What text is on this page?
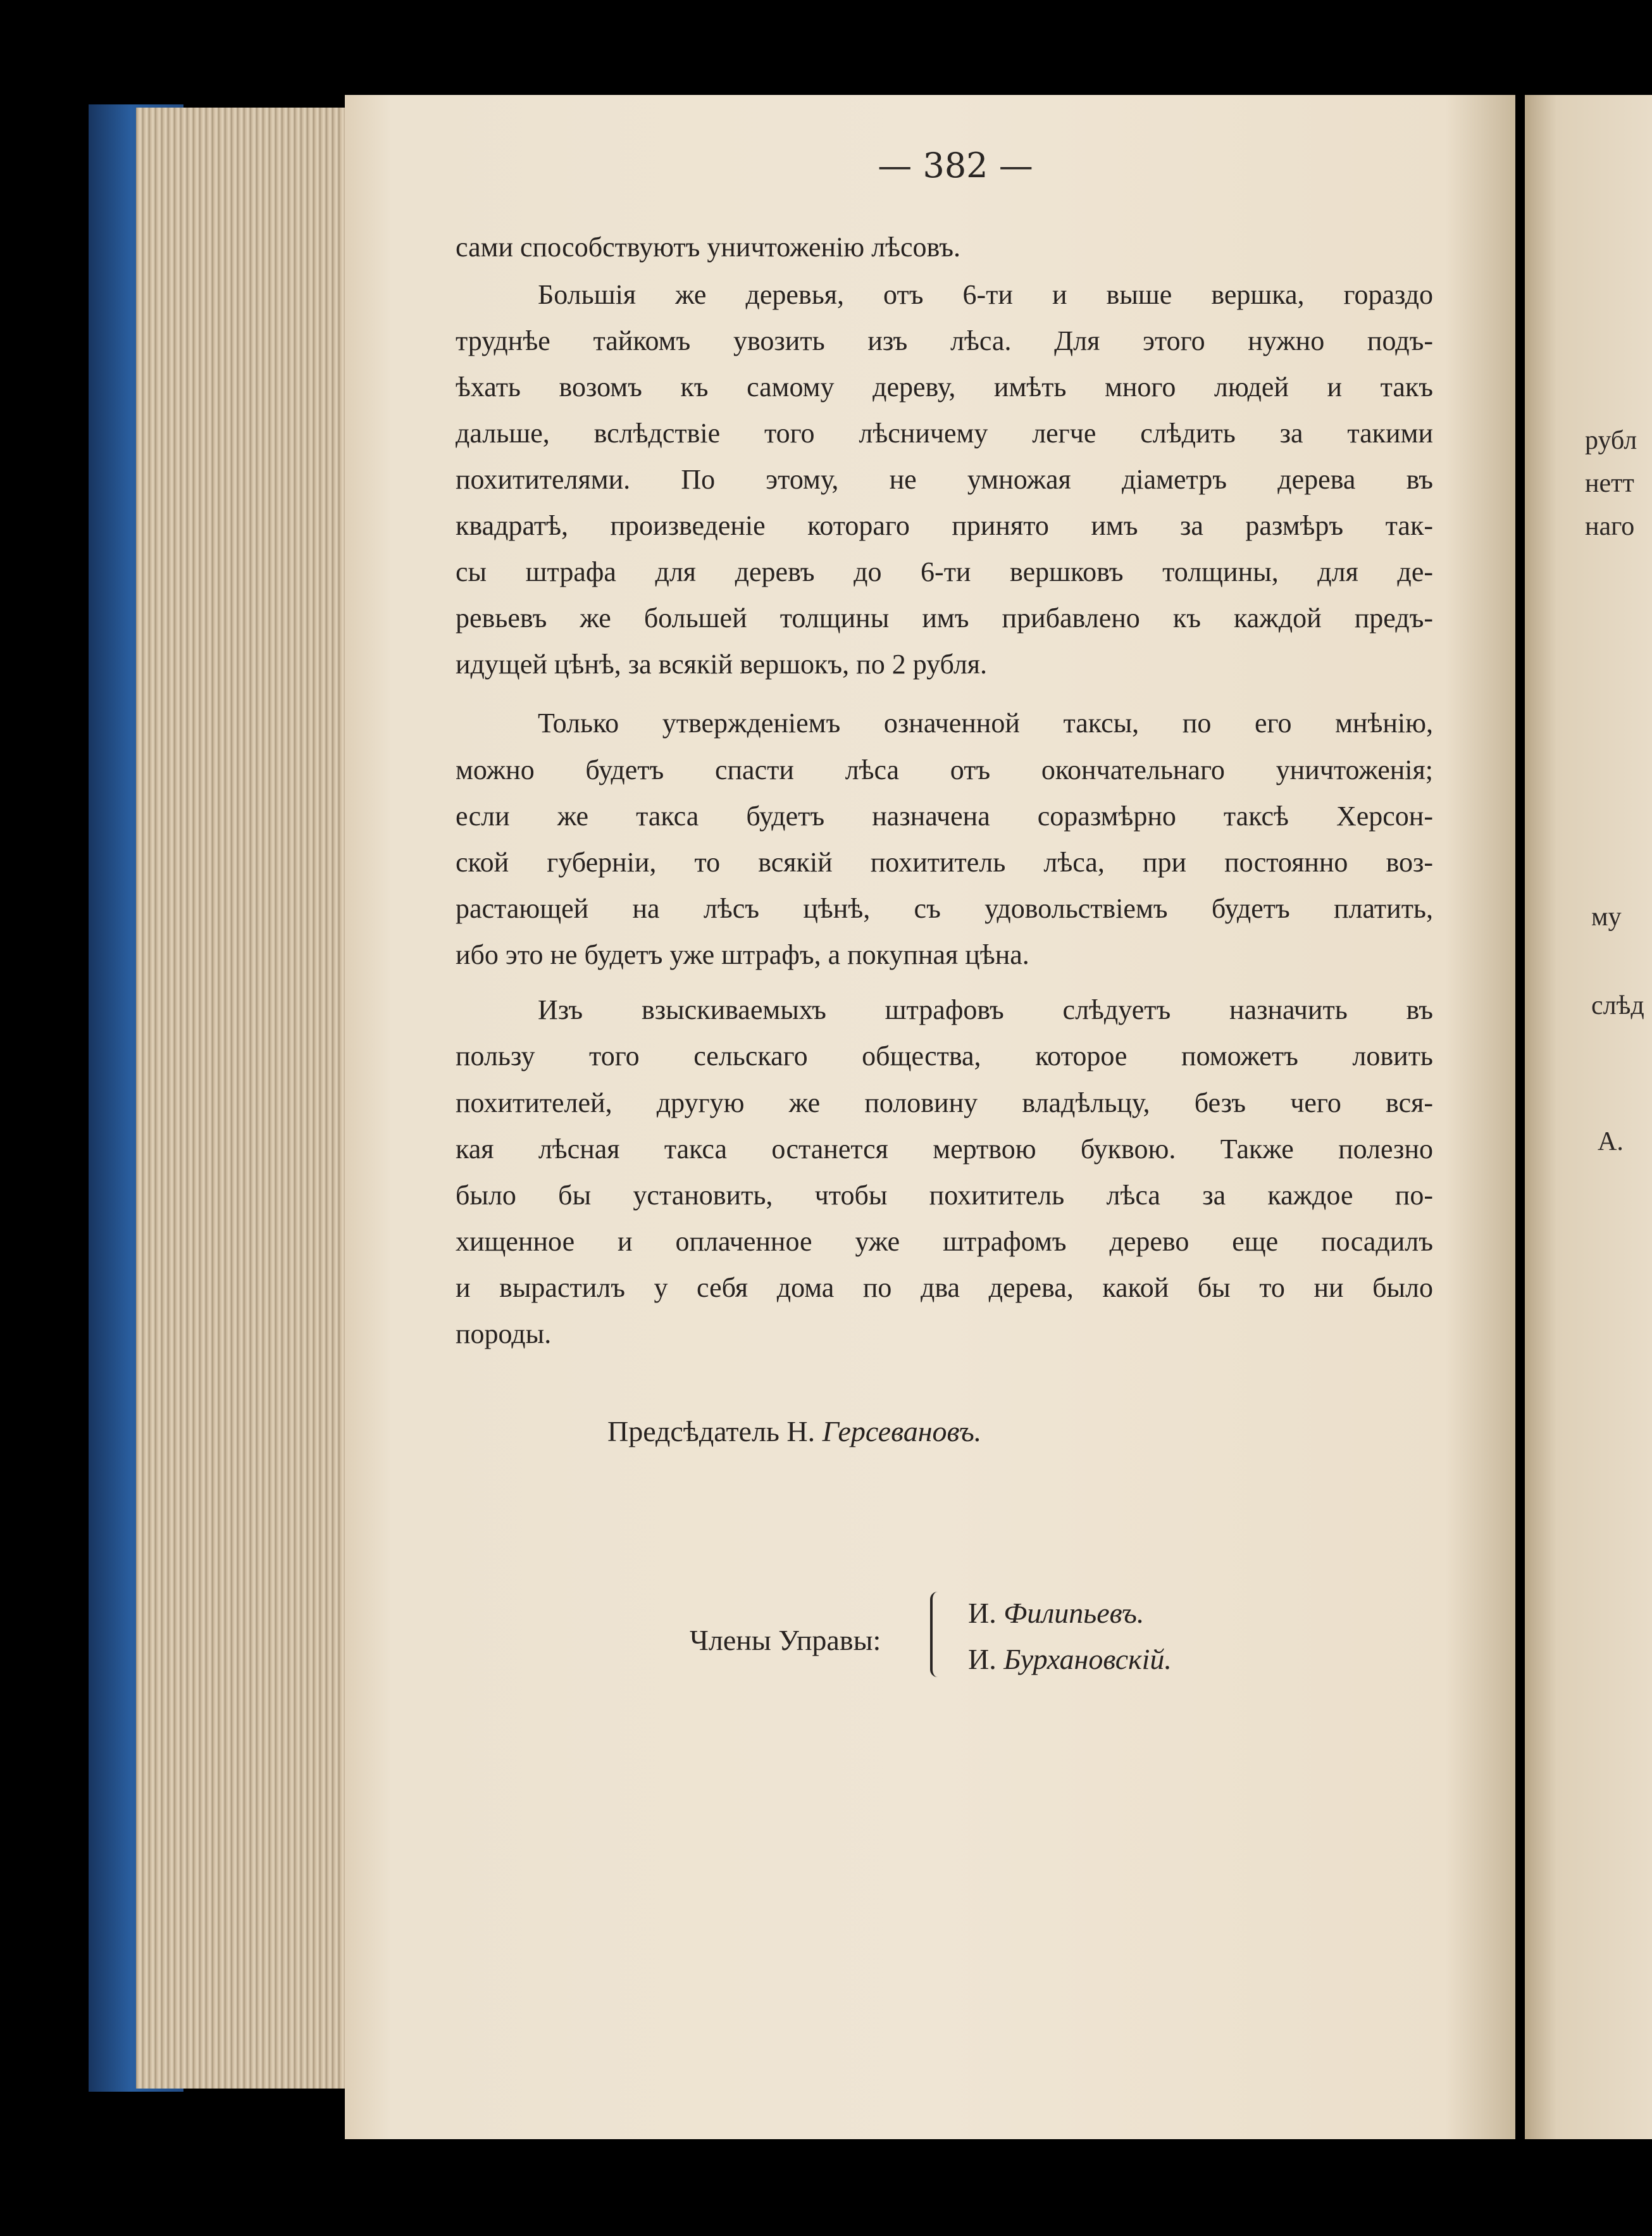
— 382 —
сами способствуютъ уничтоженію лѣсовъ.
Большія же деревья, отъ 6-ти и выше вершка, гораздо
труднѣе тайкомъ увозить изъ лѣса. Для этого нужно подъ-
ѣхать возомъ къ самому дереву, имѣть много людей и такъ
дальше, вслѣдствіе того лѣсничему легче слѣдить за такими
похитителями. По этому, не умножая діаметръ дерева въ
квадратѣ, произведеніе котораго принято имъ за размѣръ так-
сы штрафа для деревъ до 6-ти вершковъ толщины, для де-
ревьевъ же большей толщины имъ прибавлено къ каждой предъ-
идущей цѣнѣ, за всякій вершокъ, по 2 рубля.
Только утвержденіемъ означенной таксы, по его мнѣнію,
можно будетъ спасти лѣса отъ окончательнаго уничтоженія;
если же такса будетъ назначена соразмѣрно таксѣ Херсон-
ской губерніи, то всякій похититель лѣса, при постоянно воз-
растающей на лѣсъ цѣнѣ, съ удовольствіемъ будетъ платить,
ибо это не будетъ уже штрафъ, а покупная цѣна.
Изъ взыскиваемыхъ штрафовъ слѣдуетъ назначить въ
пользу того сельскаго общества, которое поможетъ ловить
похитителей, другую же половину владѣльцу, безъ чего вся-
кая лѣсная такса останется мертвою буквою. Также полезно
было бы установить, чтобы похититель лѣса за каждое по-
хищенное и оплаченное уже штрафомъ дерево еще посадилъ
и вырастилъ у себя дома по два дерева, какой бы то ни было
породы.
Предсѣдатель Н. Герсевановъ.
Члены Управы:
И. Филипьевъ.
И. Бурхановскій.
рубл
нетт
наго
му
слѣд
А.
